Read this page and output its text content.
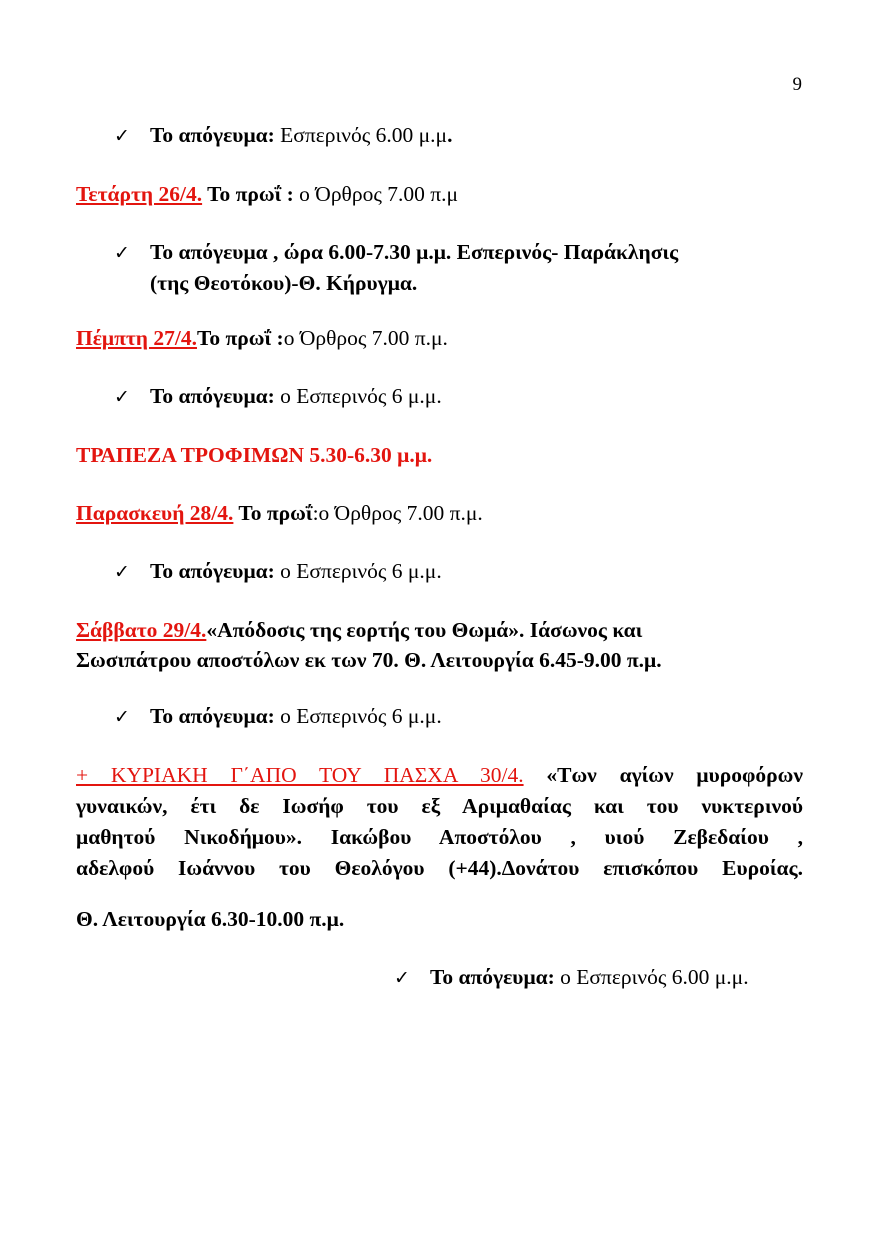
9
✓ Το απόγευμα: Εσπερινός 6.00 μ.μ.
Τετάρτη 26/4. Το πρωΐ : ο Όρθρος 7.00 π.μ
✓ Το απόγευμα , ώρα 6.00-7.30 μ.μ. Εσπερινός- Παράκλησις
(της Θεοτόκου)-Θ. Κήρυγμα.
Πέμπτη 27/4.Το πρωΐ :ο Όρθρος 7.00 π.μ.
✓ Το απόγευμα: ο Εσπερινός 6 μ.μ.
ΤΡΑΠΕΖΑ ΤΡΟΦΙΜΩΝ 5.30-6.30 μ.μ.
Παρασκευή 28/4. Το πρωΐ:ο Όρθρος 7.00 π.μ.
✓ Το απόγευμα: ο Εσπερινός 6 μ.μ.
Σάββατο 29/4.«Απόδοσις της εορτής του Θωμά». Ιάσωνος και
Σωσιπάτρου αποστόλων εκ των 70. Θ. Λειτουργία 6.45-9.00 π.μ.
✓ Το απόγευμα: ο Εσπερινός 6 μ.μ.
+ ΚΥΡΙΑΚΗ Γ΄ΑΠΟ ΤΟΥ ΠΑΣΧΑ 30/4. «Των αγίων μυροφόρων
γυναικών, έτι δε Ιωσήφ του εξ Αριμαθαίας και του νυκτερινού
μαθητού Νικοδήμου». Ιακώβου Αποστόλου , υιού Ζεβεδαίου ,
αδελφού Ιωάννου του Θεολόγου (+44).Δονάτου επισκόπου Ευροίας.
Θ. Λειτουργία 6.30-10.00 π.μ.
✓ Το απόγευμα: ο Εσπερινός 6.00 μ.μ.
